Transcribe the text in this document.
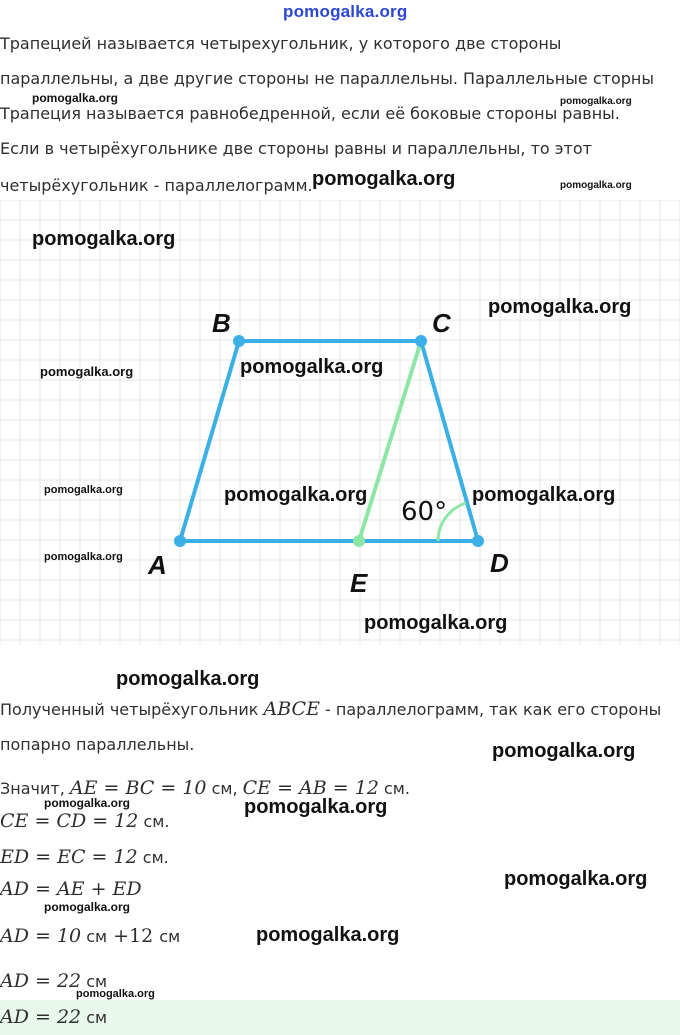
pomogalka.org
Трапецией называется четырехугольник, у которого две стороны
параллельны, а две другие стороны не параллельны. Параллельные сторны
Трапеция называется равнобедренной, если её боковые стороны равны.
Если в четырёхугольнике две стороны равны и параллельны, то этот
четырёхугольник - параллелограмм.
B	C
A	D
E
60°
pomogalka.org	pomogalka.org
pomogalka.org	pomogalka.org
pomogalka.org
pomogalka.org
pomogalka.org
pomogalka.org
pomogalka.org	pomogalka.org	pomogalka.org
pomogalka.org
pomogalka.org
pomogalka.org
Полученный четырёхугольник ABCE - параллелограмм, так как его стороны
попарно параллельны.	pomogalka.org
Значит, AE = BC = 10 см, CE = AB = 12 см.
pomogalka.org	pomogalka.org
CE = CD = 12 см.
ED = EC = 12 см.
pomogalka.org
AD = AE + ED
pomogalka.org
AD = 10 см +12 см	pomogalka.org
AD = 22 см
pomogalka.org
AD = 22 см
